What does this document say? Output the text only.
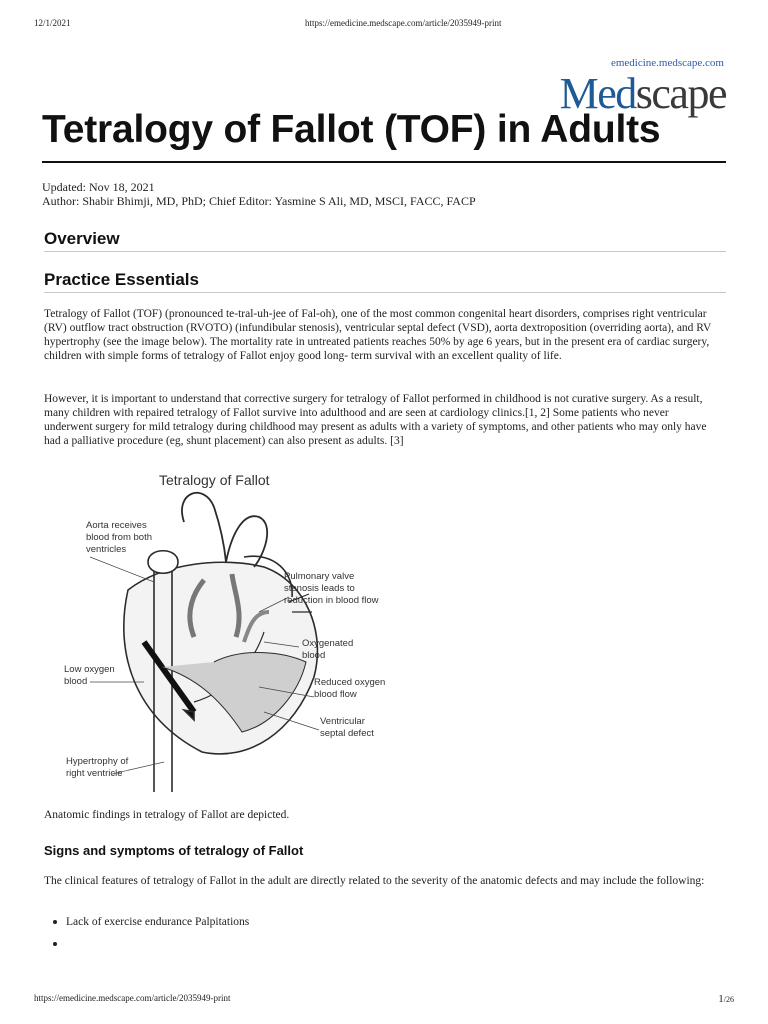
12/1/2021	https://emedicine.medscape.com/article/2035949-print
emedicine.medscape.com
Medscape
Tetralogy of Fallot (TOF) in Adults
Updated: Nov 18, 2021
Author: Shabir Bhimji, MD, PhD; Chief Editor: Yasmine S Ali, MD, MSCI, FACC, FACP
Overview
Practice Essentials

Tetralogy of Fallot (TOF) (pronounced te-tral-uh-jee of Fal-oh), one of the most common congenital heart disorders, comprises right ventricular (RV) outflow tract obstruction (RVOTO) (infundibular stenosis), ventricular septal defect (VSD), aorta dextroposition (overriding aorta), and RV hypertrophy (see the image below). The mortality rate in untreated patients reaches 50% by age 6 years, but in the present era of cardiac surgery, children with simple forms of tetralogy of Fallot enjoy good long- term survival with an excellent quality of life.

However, it is important to understand that corrective surgery for tetralogy of Fallot performed in childhood is not curative surgery. As a result, many children with repaired tetralogy of Fallot survive into adulthood and are seen at cardiology clinics.[1, 2] Some patients who never underwent surgery for mild tetralogy during childhood may present as adults with a variety of symptoms, and other patients who may only have had a palliative procedure (eg, shunt placement) can also present as adults. [3]

Tetralogy of Fallot
Aorta receives
blood from both
ventricles
Pulmonary valve
stenosis leads to
reduction in blood flow
Oxygenated
blood
Low oxygen
blood	Reduced oxygen
blood flow
Ventricular
septal defect
Hypertrophy of
right ventricle
Anatomic findings in tetralogy of Fallot are depicted.
Signs and symptoms of tetralogy of Fallot

The clinical features of tetralogy of Fallot in the adult are directly related to the severity of the anatomic defects and may include the following:

Lack of exercise endurance Palpitations
https://emedicine.medscape.com/article/2035949-print	1/26
